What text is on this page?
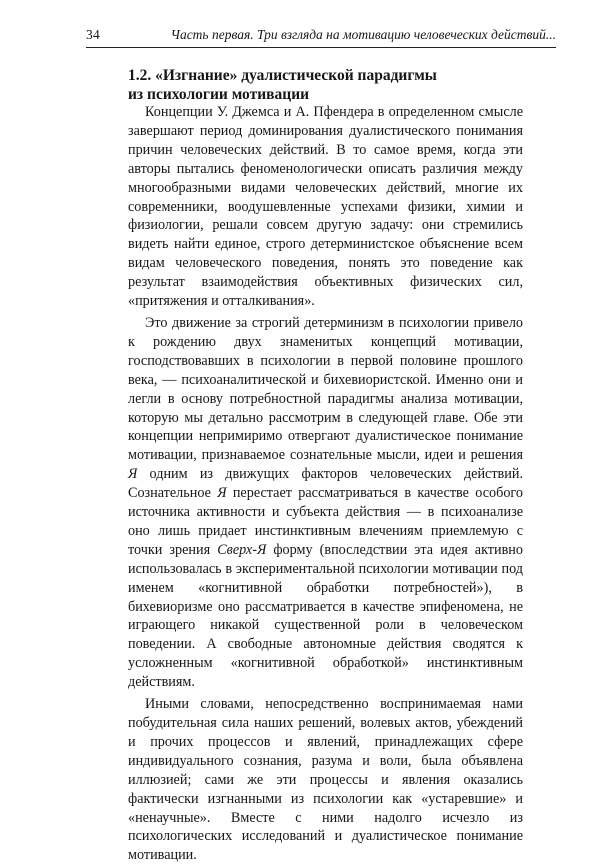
34	Часть первая. Три взгляда на мотивацию человеческих действий...
1.2. «Изгнание» дуалистической парадигмы
из психологии мотивации

Концепции У. Джемса и А. Пфендера в определенном смысле завершают период доминирования дуалистического понимания причин человеческих действий. В то самое время, когда эти авторы пытались феноменологически описать различия между многообразными видами человеческих действий, многие их современники, воодушевленные успехами физики, химии и физиологии, решали совсем другую задачу: они стремились видеть найти единое, строго детерминистское объяснение всем видам человеческого поведения, понять это поведение как результат взаимодействия объективных физических сил, «притяжения и отталкивания».

Это движение за строгий детерминизм в психологии привело к рождению двух знаменитых концепций мотивации, господствовавших в психологии в первой половине прошлого века, — психоаналитической и бихевиористской. Именно они и легли в основу потребностной парадигмы анализа мотивации, которую мы детально рассмотрим в следующей главе. Обе эти концепции непримиримо отвергают дуалистическое понимание мотивации, признаваемое сознательные мысли, идеи и решения Я одним из движущих факторов человеческих действий. Сознательное Я перестает рассматриваться в качестве особого источника активности и субъекта действия — в психоанализе оно лишь придает инстинктивным влечениям приемлемую с точки зрения Сверх-Я форму (впоследствии эта идея активно использовалась в экспериментальной психологии мотивации под именем «когнитивной обработки потребностей»), в бихевиоризме оно рассматривается в качестве эпифеномена, не играющего никакой существенной роли в человеческом поведении. А свободные автономные действия сводятся к усложненным «когнитивной обработкой» инстинктивным действиям.

Иными словами, непосредственно воспринимаемая нами побудительная сила наших решений, волевых актов, убеждений и прочих процессов и явлений, принадлежащих сфере индивидуального сознания, разума и воли, была объявлена иллюзией; сами же эти процессы и явления оказались фактически изгнанными из психологии как «устаревшие» и «ненаучные». Вместе с ними надолго исчезло из психологических исследований и дуалистическое понимание мотивации.
